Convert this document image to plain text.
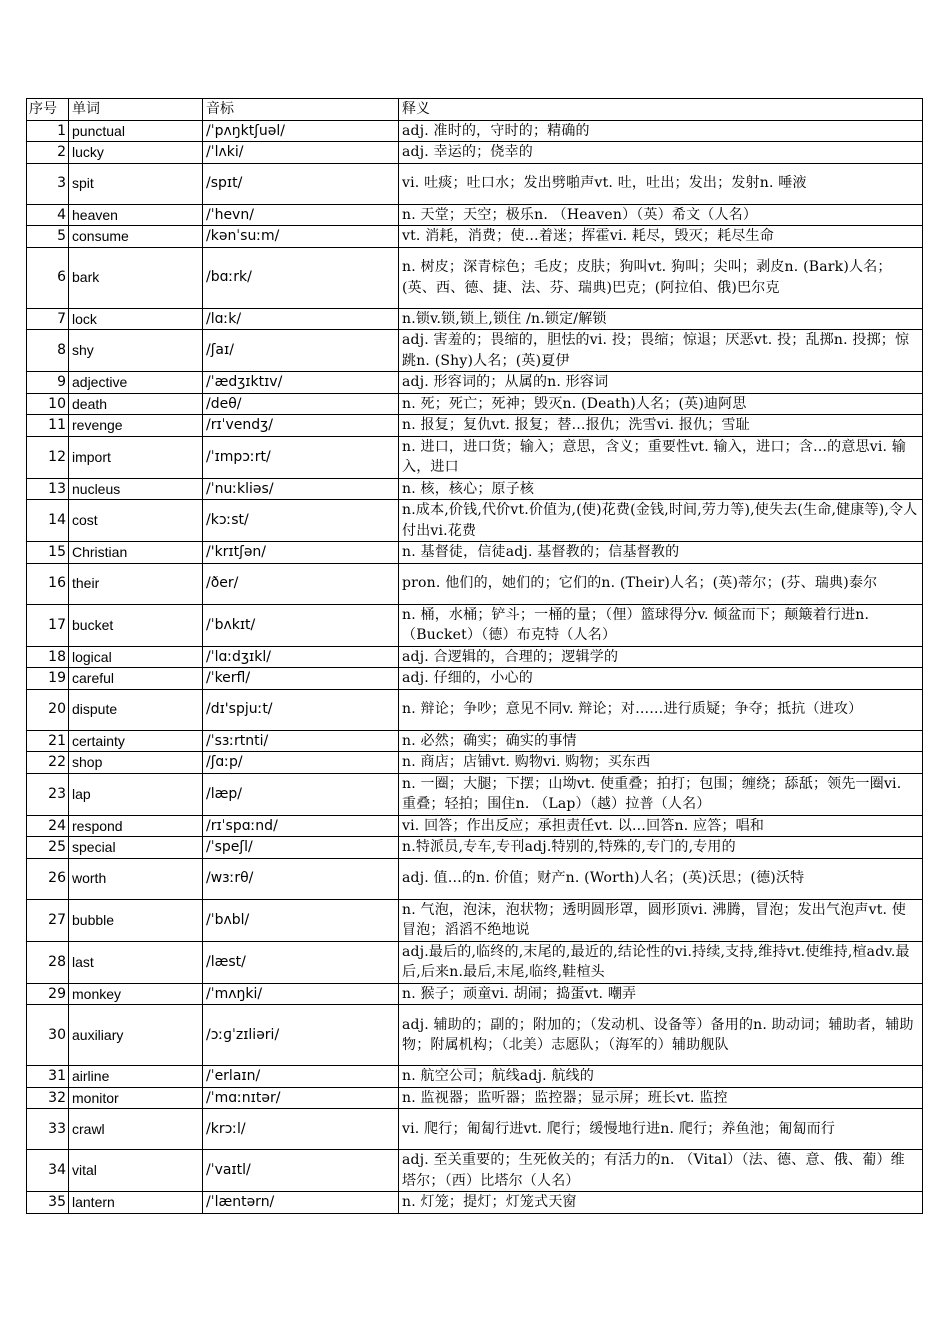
序号	单词	音标	释义
1	punctual	/ˈpʌŋktʃuəl/	adj. 准时的，守时的；精确的
2	lucky	/ˈlʌki/	adj. 幸运的；侥幸的
3	spit	/spɪt/	vi. 吐痰；吐口水；发出劈啪声vt. 吐，吐出；发出；发射n. 唾液
4	heaven	/ˈhevn/	n. 天堂；天空；极乐n. （Heaven）（英）希文（人名）
5	consume	/kənˈsuːm/	vt. 消耗，消费；使…着迷；挥霍vi. 耗尽，毁灭；耗尽生命
6	bark	/bɑːrk/	n. 树皮；深青棕色；毛皮；皮肤；狗叫vt. 狗叫；尖叫；剥皮n. (Bark)人名；(英、西、德、捷、法、芬、瑞典)巴克；(阿拉伯、俄)巴尔克
7	lock	/lɑːk/	n.锁v.锁,锁上,锁住 /n.锁定/解锁
8	shy	/ʃaɪ/	adj. 害羞的；畏缩的，胆怯的vi. 投；畏缩；惊退；厌恶vt. 投；乱掷n. 投掷；惊跳n. (Shy)人名；(英)夏伊
9	adjective	/ˈædʒɪktɪv/	adj. 形容词的；从属的n. 形容词
10	death	/deθ/	n. 死；死亡；死神；毁灭n. (Death)人名；(英)迪阿思
11	revenge	/rɪˈvendʒ/	n. 报复；复仇vt. 报复；替…报仇；洗雪vi. 报仇；雪耻
12	import	/ˈɪmpɔːrt/	n. 进口，进口货；输入；意思，含义；重要性vt. 输入，进口；含…的意思vi. 输入，进口
13	nucleus	/ˈnuːkliəs/	n. 核，核心；原子核
14	cost	/kɔːst/	n.成本,价钱,代价vt.价值为,(使)花费(金钱,时间,劳力等),使失去(生命,健康等),令人付出vi.花费
15	Christian	/'krɪtʃən/	n. 基督徒，信徒adj. 基督教的；信基督教的
16	their	/ðer/	pron. 他们的，她们的；它们的n. (Their)人名；(英)蒂尔；(芬、瑞典)泰尔
17	bucket	/ˈbʌkɪt/	n. 桶，水桶；铲斗；一桶的量；（俚）篮球得分v. 倾盆而下；颠簸着行进n. （Bucket）（德）布克特（人名）
18	logical	/ˈlɑːdʒɪkl/	adj. 合逻辑的，合理的；逻辑学的
19	careful	/ˈkerfl/	adj. 仔细的，小心的
20	dispute	/dɪ'spjuːt/	n. 辩论；争吵；意见不同v. 辩论；对……进行质疑；争夺；抵抗（进攻）
21	certainty	/ˈsɜːrtnti/	n. 必然；确实；确实的事情
22	shop	/ʃɑːp/	n. 商店；店铺vt. 购物vi. 购物；买东西
23	lap	/læp/	n. 一圈；大腿；下摆；山坳vt. 使重叠；拍打；包围；缠绕；舔舐；领先一圈vi. 重叠；轻拍；围住n. （Lap）（越）拉普（人名）
24	respond	/rɪˈspɑːnd/	vi. 回答；作出反应；承担责任vt. 以…回答n. 应答；唱和
25	special	/ˈspeʃl/	n.特派员,专车,专刊adj.特别的,特殊的,专门的,专用的
26	worth	/wɜːrθ/	adj. 值…的n. 价值；财产n. (Worth)人名；(英)沃思；(德)沃特
27	bubble	/ˈbʌbl/	n. 气泡，泡沫，泡状物；透明圆形罩，圆形顶vi. 沸腾，冒泡；发出气泡声vt. 使冒泡；滔滔不绝地说
28	last	/læst/	adj.最后的,临终的,末尾的,最近的,结论性的vi.持续,支持,维持vt.使维持,楦adv.最后,后来n.最后,末尾,临终,鞋楦头
29	monkey	/ˈmʌŋki/	n. 猴子；顽童vi. 胡闹；捣蛋vt. 嘲弄
30	auxiliary	/ɔːɡˈzɪliəri/	adj. 辅助的；副的；附加的；（发动机、设备等）备用的n. 助动词；辅助者，辅助物；附属机构；（北美）志愿队；（海军的）辅助舰队
31	airline	/ˈerlaɪn/	n. 航空公司；航线adj. 航线的
32	monitor	/ˈmɑːnɪtər/	n. 监视器；监听器；监控器；显示屏；班长vt. 监控
33	crawl	/krɔːl/	vi. 爬行；匍匐行进vt. 爬行；缓慢地行进n. 爬行；养鱼池；匍匐而行
34	vital	/ˈvaɪtl/	adj. 至关重要的；生死攸关的；有活力的n. （Vital）（法、德、意、俄、葡）维塔尔；（西）比塔尔（人名）
35	lantern	/ˈlæntərn/	n. 灯笼；提灯；灯笼式天窗
